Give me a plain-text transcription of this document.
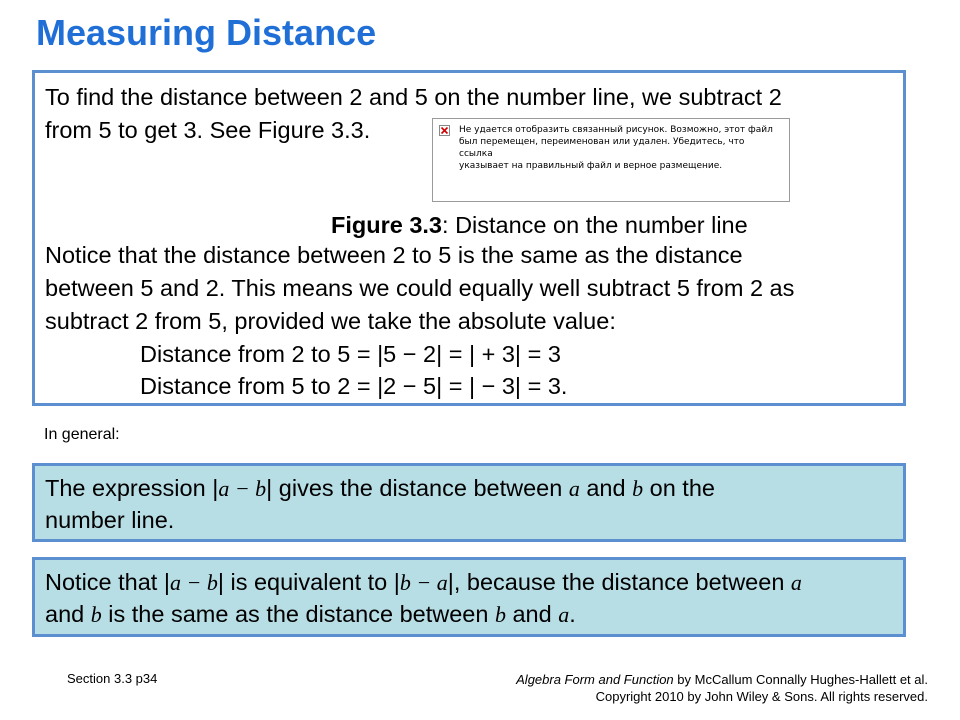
Measuring Distance
To find the distance between 2 and 5 on the number line, we subtract 2
from 5 to get 3. See Figure 3.3.	Не удается отобразить связанный рисунок. Возможно, этот файл
был перемещен, переименован или удален. Убедитесь, что ссылка
указывает на правильный файл и верное размещение.
Figure 3.3: Distance on the number line
Notice that the distance between 2 to 5 is the same as the distance
between 5 and 2. This means we could equally well subtract 5 from 2 as
subtract 2 from 5, provided we take the absolute value:
Distance from 2 to 5 = |5 − 2| = | + 3| = 3
Distance from 5 to 2 = |2 − 5| = | − 3| = 3.
In general:
The expression |a − b| gives the distance between a and b on the
number line.
Notice that |a − b| is equivalent to |b − a|, because the distance between a
and b is the same as the distance between b and a.
Section 3.3 p34	Algebra Form and Function by McCallum Connally Hughes-Hallett et al.
Copyright 2010 by John Wiley & Sons. All rights reserved.
